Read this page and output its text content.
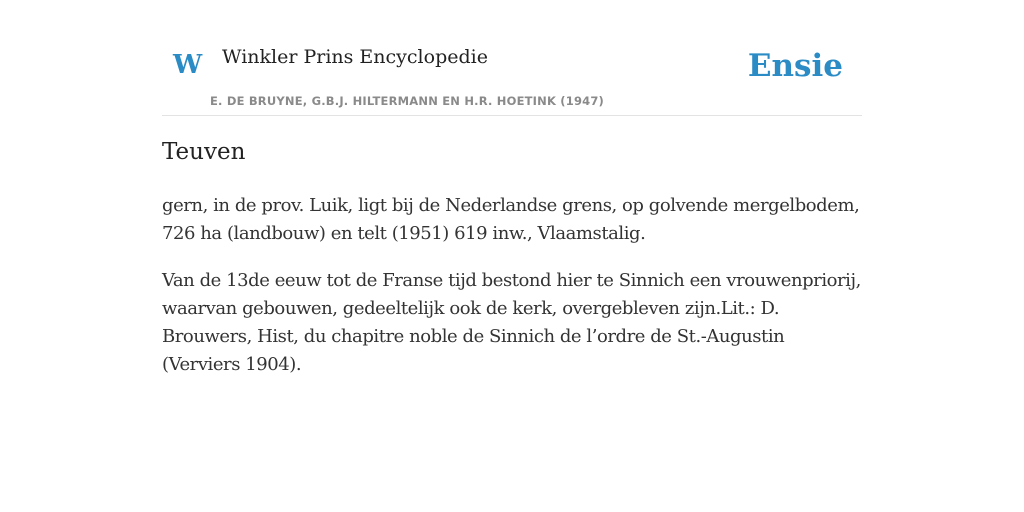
W Winkler Prins Encyclopedie
E. DE BRUYNE, G.B.J. HILTERMANN EN H.R. HOETINK (1947)
Ensie
Teuven

gern, in de prov. Luik, ligt bij de Nederlandse grens, op golvende mergelbodem, 726 ha (landbouw) en telt (1951) 619 inw., Vlaamstalig.

Van de 13de eeuw tot de Franse tijd bestond hier te Sinnich een vrouwenpriorij, waarvan gebouwen, gedeeltelijk ook de kerk, overgebleven zijn.Lit.: D. Brouwers, Hist, du chapitre noble de Sinnich de l’ordre de St.-Augustin (Verviers 1904).
